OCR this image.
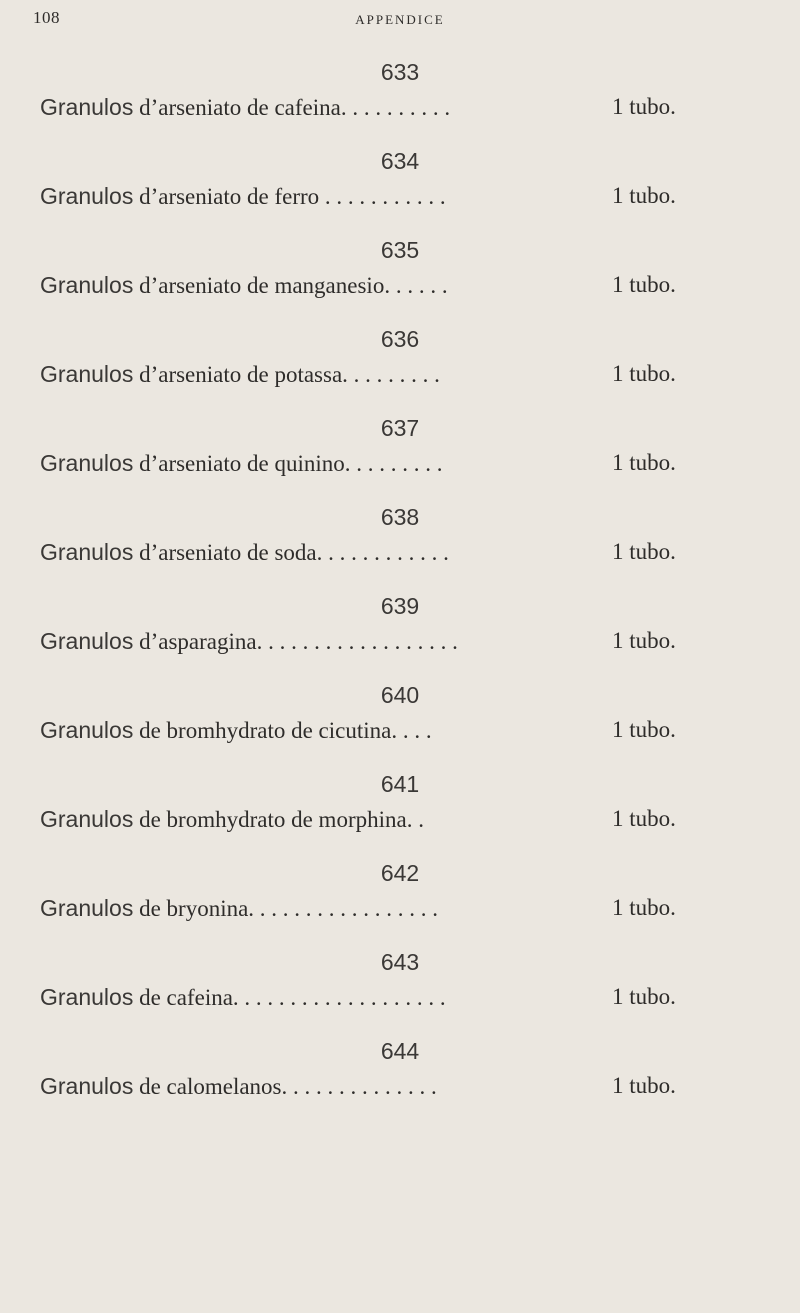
108	APPENDICE
633
Granulos d’arseniato de cafeina. . . . . . . . . .	1 tubo.
634
Granulos d’arseniato de ferro . . . . . . . . . . .	1 tubo.
635
Granulos d’arseniato de manganesio. . . . . .	1 tubo.
636
Granulos d’arseniato de potassa. . . . . . . . .	1 tubo.
637
Granulos d’arseniato de quinino. . . . . . . . .	1 tubo.
638
Granulos d’arseniato de soda. . . . . . . . . . . .	1 tubo.
639
Granulos d’asparagina. . . . . . . . . . . . . . . . . .	1 tubo.
640
Granulos de bromhydrato de cicutina. . . .	1 tubo.
641
Granulos de bromhydrato de morphina. .	1 tubo.
642
Granulos de bryonina. . . . . . . . . . . . . . . . .	1 tubo.
643
Granulos de cafeina. . . . . . . . . . . . . . . . . . .	1 tubo.
644
Granulos de calomelanos. . . . . . . . . . . . . .	1 tubo.
